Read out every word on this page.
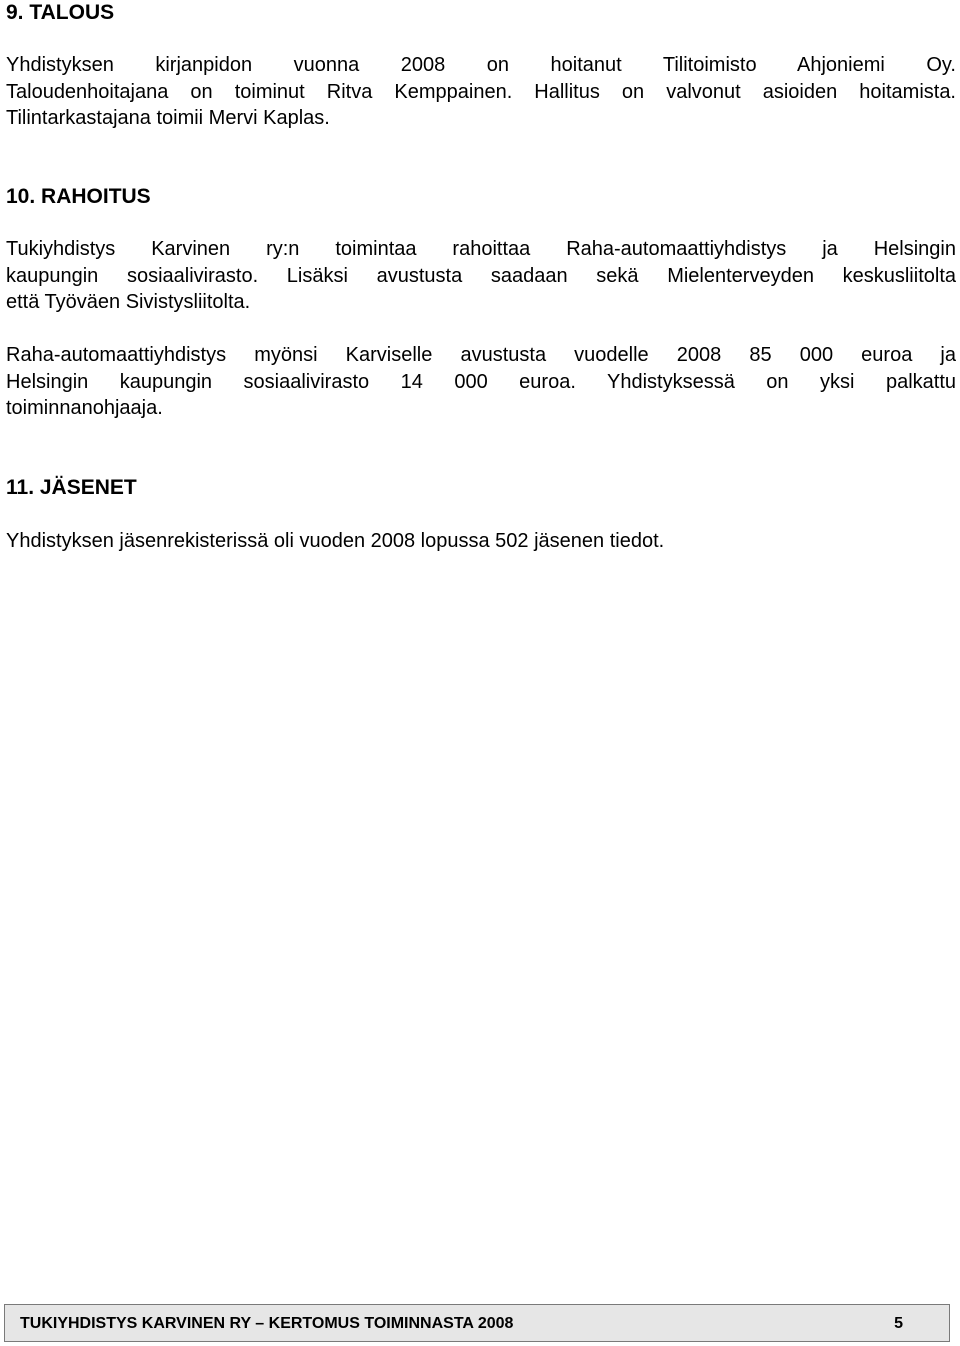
9. TALOUS

Yhdistyksen kirjanpidon vuonna 2008 on hoitanut Tilitoimisto Ahjoniemi Oy.
Taloudenhoitajana on toiminut Ritva Kemppainen. Hallitus on valvonut asioiden hoitamista.
Tilintarkastajana toimii Mervi Kaplas.

10. RAHOITUS

Tukiyhdistys Karvinen ry:n toimintaa rahoittaa Raha-automaattiyhdistys ja Helsingin
kaupungin sosiaalivirasto. Lisäksi avustusta saadaan sekä Mielenterveyden keskusliitolta
että Työväen Sivistysliitolta.

Raha-automaattiyhdistys myönsi Karviselle avustusta vuodelle 2008 85 000 euroa ja
Helsingin kaupungin sosiaalivirasto 14 000 euroa. Yhdistyksessä on yksi palkattu
toiminnanohjaaja.

11. JÄSENET

Yhdistyksen jäsenrekisterissä oli vuoden 2008 lopussa 502 jäsenen tiedot.

TUKIYHDISTYS KARVINEN RY – KERTOMUS TOIMINNASTA 2008	5
